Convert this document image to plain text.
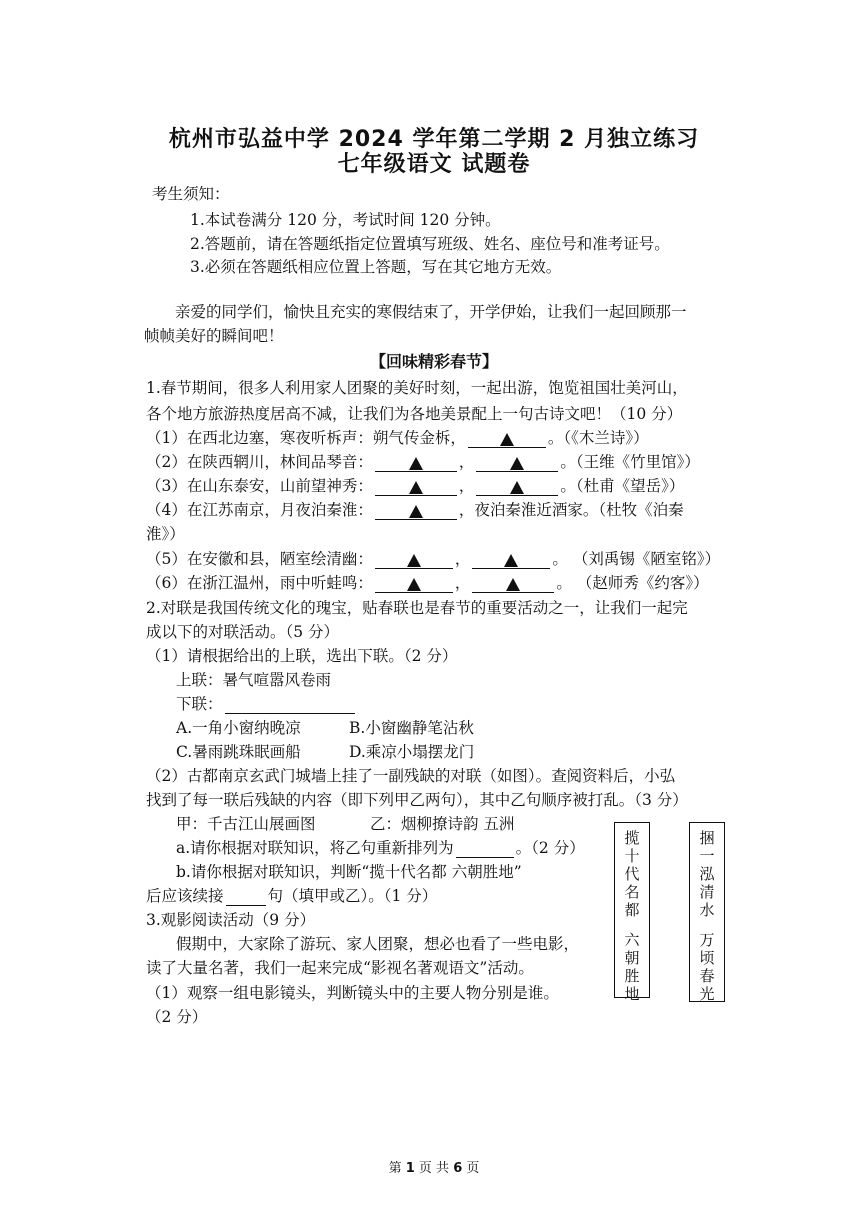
杭州市弘益中学 2024 学年第二学期 2 月独立练习
七年级语文 试题卷
考生须知：
1.本试卷满分 120 分，考试时间 120 分钟。
2.答题前，请在答题纸指定位置填写班级、姓名、座位号和准考证号。
3.必须在答题纸相应位置上答题，写在其它地方无效。
亲爱的同学们，愉快且充实的寒假结束了，开学伊始，让我们一起回顾那一
帧帧美好的瞬间吧！
【回味精彩春节】
1.春节期间，很多人利用家人团聚的美好时刻，一起出游，饱览祖国壮美河山，
各个地方旅游热度居高不减，让我们为各地美景配上一句古诗文吧！（10 分）
（1）在西北边塞，寒夜听柝声：朔气传金柝，	。（《木兰诗》）
（2）在陕西辋川，林间品琴音：	，	。（王维《竹里馆》）
（3）在山东泰安，山前望神秀：	，	。（杜甫《望岳》）
（4）在江苏南京，月夜泊秦淮：	，夜泊秦淮近酒家。（杜牧《泊秦
淮》）
（5）在安徽和县，陋室绘清幽：	，	。 （刘禹锡《陋室铭》）
（6）在浙江温州，雨中听蛙鸣：	，	。 （赵师秀《约客》）
2.对联是我国传统文化的瑰宝，贴春联也是春节的重要活动之一，让我们一起完
成以下的对联活动。（5 分）
（1）请根据给出的上联，选出下联。（2 分）
上联：暑气喧嚣风卷雨
下联：
A.一角小窗纳晚凉	B.小窗幽静笔沾秋
C.暑雨跳珠眠画船	D.乘凉小塌摆龙门
（2）古都南京玄武门城墙上挂了一副残缺的对联（如图）。查阅资料后，小弘
找到了每一联后残缺的内容（即下列甲乙两句），其中乙句顺序被打乱。（3 分）
甲：千古江山展画图	乙：烟柳撩诗韵 五洲
a.请你根据对联知识，将乙句重新排列为	。（2 分）
b.请你根据对联知识，判断“揽十代名都 六朝胜地”
后应该续接	句（填甲或乙）。（1 分）
揽
十
代
名
都

六
朝
胜
地
捆
一
泓
清
水

万
顷
春
光
3.观影阅读活动（9 分）
假期中，大家除了游玩、家人团聚，想必也看了一些电影，
读了大量名著，我们一起来完成“影视名著观语文”活动。
（1）观察一组电影镜头，判断镜头中的主要人物分别是谁。
（2 分）
第 1 页 共 6 页
